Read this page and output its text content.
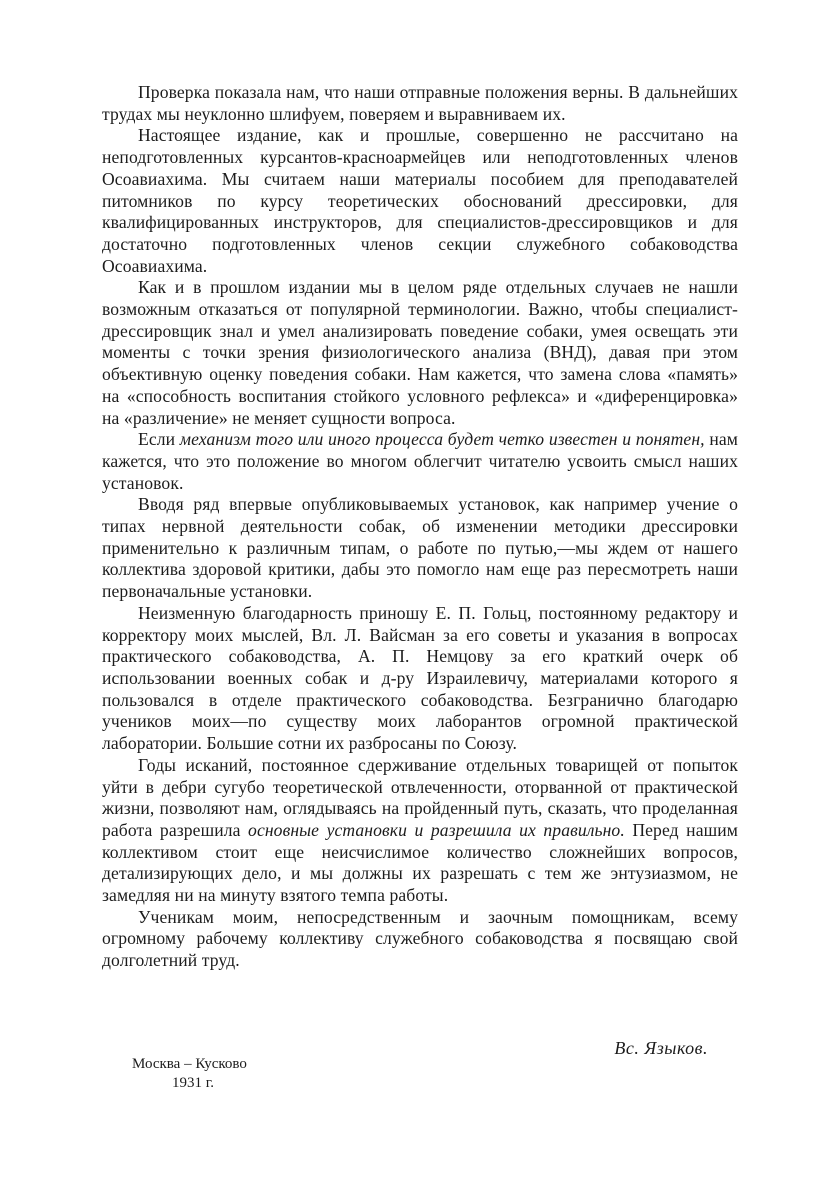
Проверка показала нам, что наши отправные положения верны. В дальнейших трудах мы неуклонно шлифуем, поверяем и выравниваем их.

Настоящее издание, как и прошлые, совершенно не рассчитано на неподготовленных курсантов-красноармейцев или неподготовленных членов Осоавиахима. Мы считаем наши материалы пособием для преподавателей питомников по курсу теоретических обоснований дрессировки, для квалифицированных инструкторов, для специалистов-дрессировщиков и для достаточно подготовленных членов секции служебного собаководства Осоавиахима.

Как и в прошлом издании мы в целом ряде отдельных случаев не нашли возможным отказаться от популярной терминологии. Важно, чтобы специалист-дрессировщик знал и умел анализировать поведение собаки, умея освещать эти моменты с точки зрения физиологического анализа (ВНД), давая при этом объективную оценку поведения собаки. Нам кажется, что замена слова «память» на «способность воспитания стойкого условного рефлекса» и «диференцировка» на «различение» не меняет сущности вопроса.

Если механизм того или иного процесса будет четко известен и понятен, нам кажется, что это положение во многом облегчит читателю усвоить смысл наших установок.

Вводя ряд впервые опубликовываемых установок, как например учение о типах нервной деятельности собак, об изменении методики дрессировки применительно к различным типам, о работе по путью,—мы ждем от нашего коллектива здоровой критики, дабы это помогло нам еще раз пересмотреть наши первоначальные установки.

Неизменную благодарность приношу Е. П. Гольц, постоянному редактору и корректору моих мыслей, Вл. Л. Вайсман за его советы и указания в вопросах практического собаководства, А. П. Немцову за его краткий очерк об использовании военных собак и д-ру Израилевичу, материалами которого я пользовался в отделе практического собаководства. Безгранично благодарю учеников моих—по существу моих лаборантов огромной практической лаборатории. Большие сотни их разбросаны по Союзу.

Годы исканий, постоянное сдерживание отдельных товарищей от попыток уйти в дебри сугубо теоретической отвлеченности, оторванной от практической жизни, позволяют нам, оглядываясь на пройденный путь, сказать, что проделанная работа разрешила основные установки и разрешила их правильно. Перед нашим коллективом стоит еще неисчислимое количество сложнейших вопросов, детализирующих дело, и мы должны их разрешать с тем же энтузиазмом, не замедляя ни на минуту взятого темпа работы.

Ученикам моим, непосредственным и заочным помощникам, всему огромному рабочему коллективу служебного собаководства я посвящаю свой долголетний труд.

Вс. Языков.
Москва – Кусково
1931 г.
